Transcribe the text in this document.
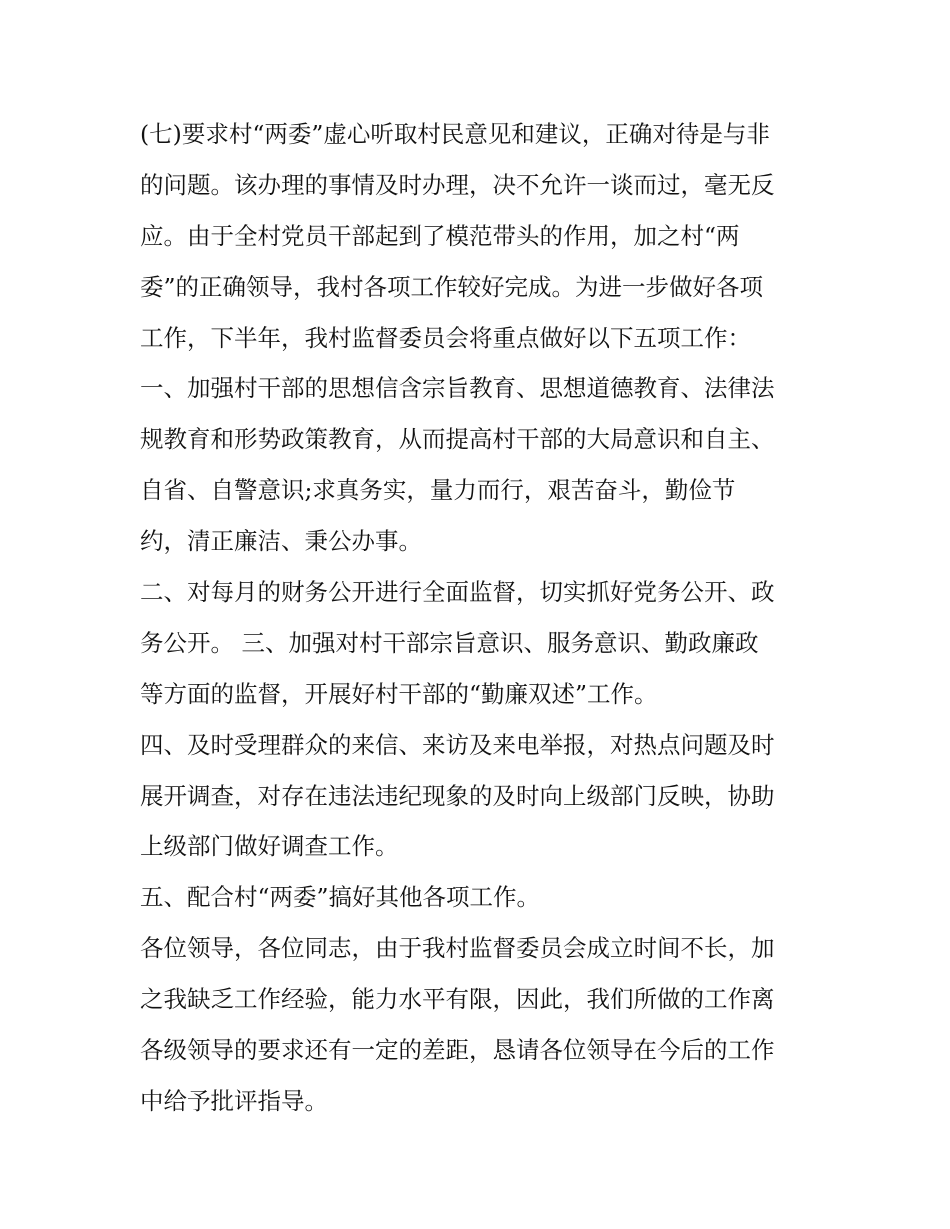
(七)要求村“两委”虚心听取村民意见和建议，正确对待是与非
的问题。该办理的事情及时办理，决不允许一谈而过，毫无反
应。由于全村党员干部起到了模范带头的作用，加之村“两
委”的正确领导，我村各项工作较好完成。为进一步做好各项
工作，下半年，我村监督委员会将重点做好以下五项工作：
一、加强村干部的思想信含宗旨教育、思想道德教育、法律法
规教育和形势政策教育，从而提高村干部的大局意识和自主、
自省、自警意识;求真务实，量力而行，艰苦奋斗，勤俭节
约，清正廉洁、秉公办事。
二、对每月的财务公开进行全面监督，切实抓好党务公开、政
务公开。 三、加强对村干部宗旨意识、服务意识、勤政廉政
等方面的监督，开展好村干部的“勤廉双述”工作。
四、及时受理群众的来信、来访及来电举报，对热点问题及时
展开调查，对存在违法违纪现象的及时向上级部门反映，协助
上级部门做好调查工作。
五、配合村“两委”搞好其他各项工作。
各位领导，各位同志，由于我村监督委员会成立时间不长，加
之我缺乏工作经验，能力水平有限，因此，我们所做的工作离
各级领导的要求还有一定的差距，恳请各位领导在今后的工作
中给予批评指导。
